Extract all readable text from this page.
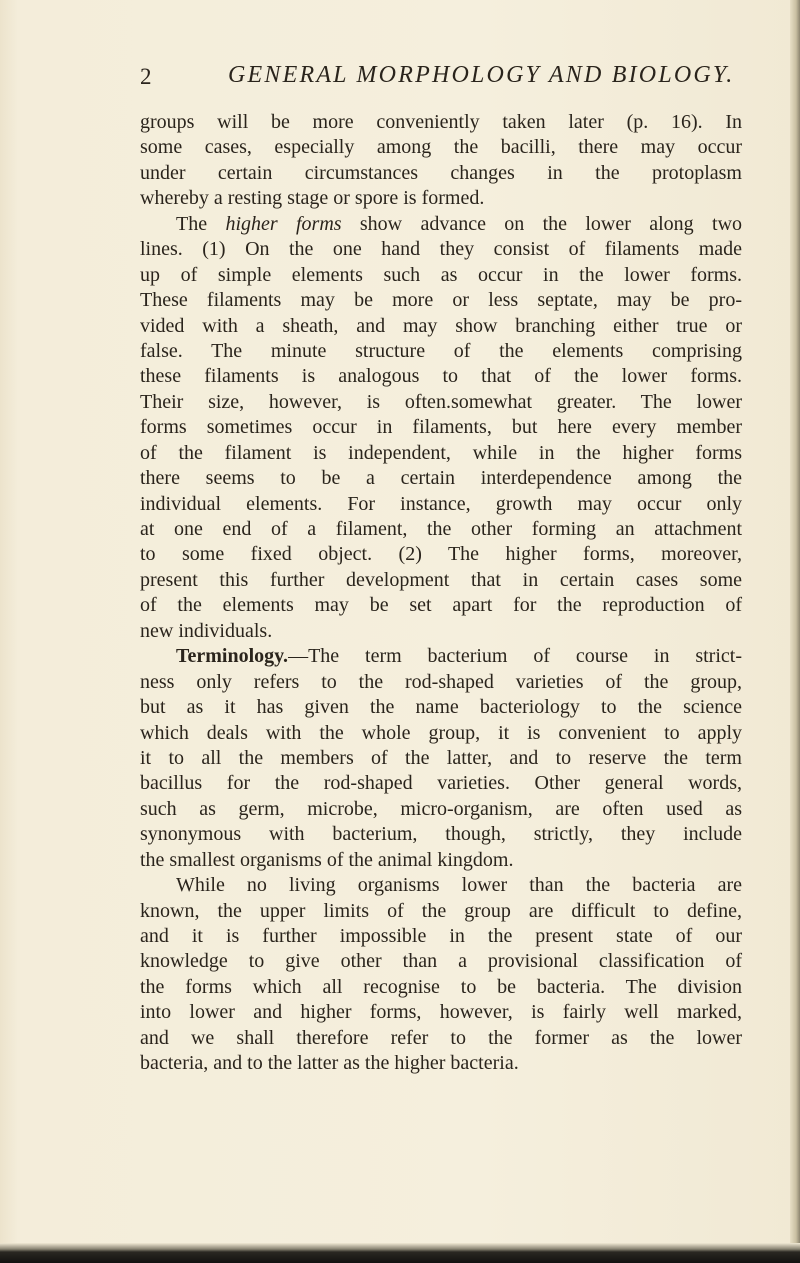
2	GENERAL MORPHOLOGY AND BIOLOGY.
groups will be more conveniently taken later (p. 16). In
some cases, especially among the bacilli, there may occur
under certain circumstances changes in the protoplasm
whereby a resting stage or spore is formed.
The higher forms show advance on the lower along two
lines. (1) On the one hand they consist of filaments made
up of simple elements such as occur in the lower forms.
These filaments may be more or less septate, may be pro-
vided with a sheath, and may show branching either true or
false. The minute structure of the elements comprising
these filaments is analogous to that of the lower forms.
Their size, however, is often.somewhat greater. The lower
forms sometimes occur in filaments, but here every member
of the filament is independent, while in the higher forms
there seems to be a certain interdependence among the
individual elements. For instance, growth may occur only
at one end of a filament, the other forming an attachment
to some fixed object. (2) The higher forms, moreover,
present this further development that in certain cases some
of the elements may be set apart for the reproduction of
new individuals.
Terminology.—The term bacterium of course in strict-
ness only refers to the rod-shaped varieties of the group,
but as it has given the name bacteriology to the science
which deals with the whole group, it is convenient to apply
it to all the members of the latter, and to reserve the term
bacillus for the rod-shaped varieties. Other general words,
such as germ, microbe, micro-organism, are often used as
synonymous with bacterium, though, strictly, they include
the smallest organisms of the animal kingdom.
While no living organisms lower than the bacteria are
known, the upper limits of the group are difficult to define,
and it is further impossible in the present state of our
knowledge to give other than a provisional classification of
the forms which all recognise to be bacteria. The division
into lower and higher forms, however, is fairly well marked,
and we shall therefore refer to the former as the lower
bacteria, and to the latter as the higher bacteria.
